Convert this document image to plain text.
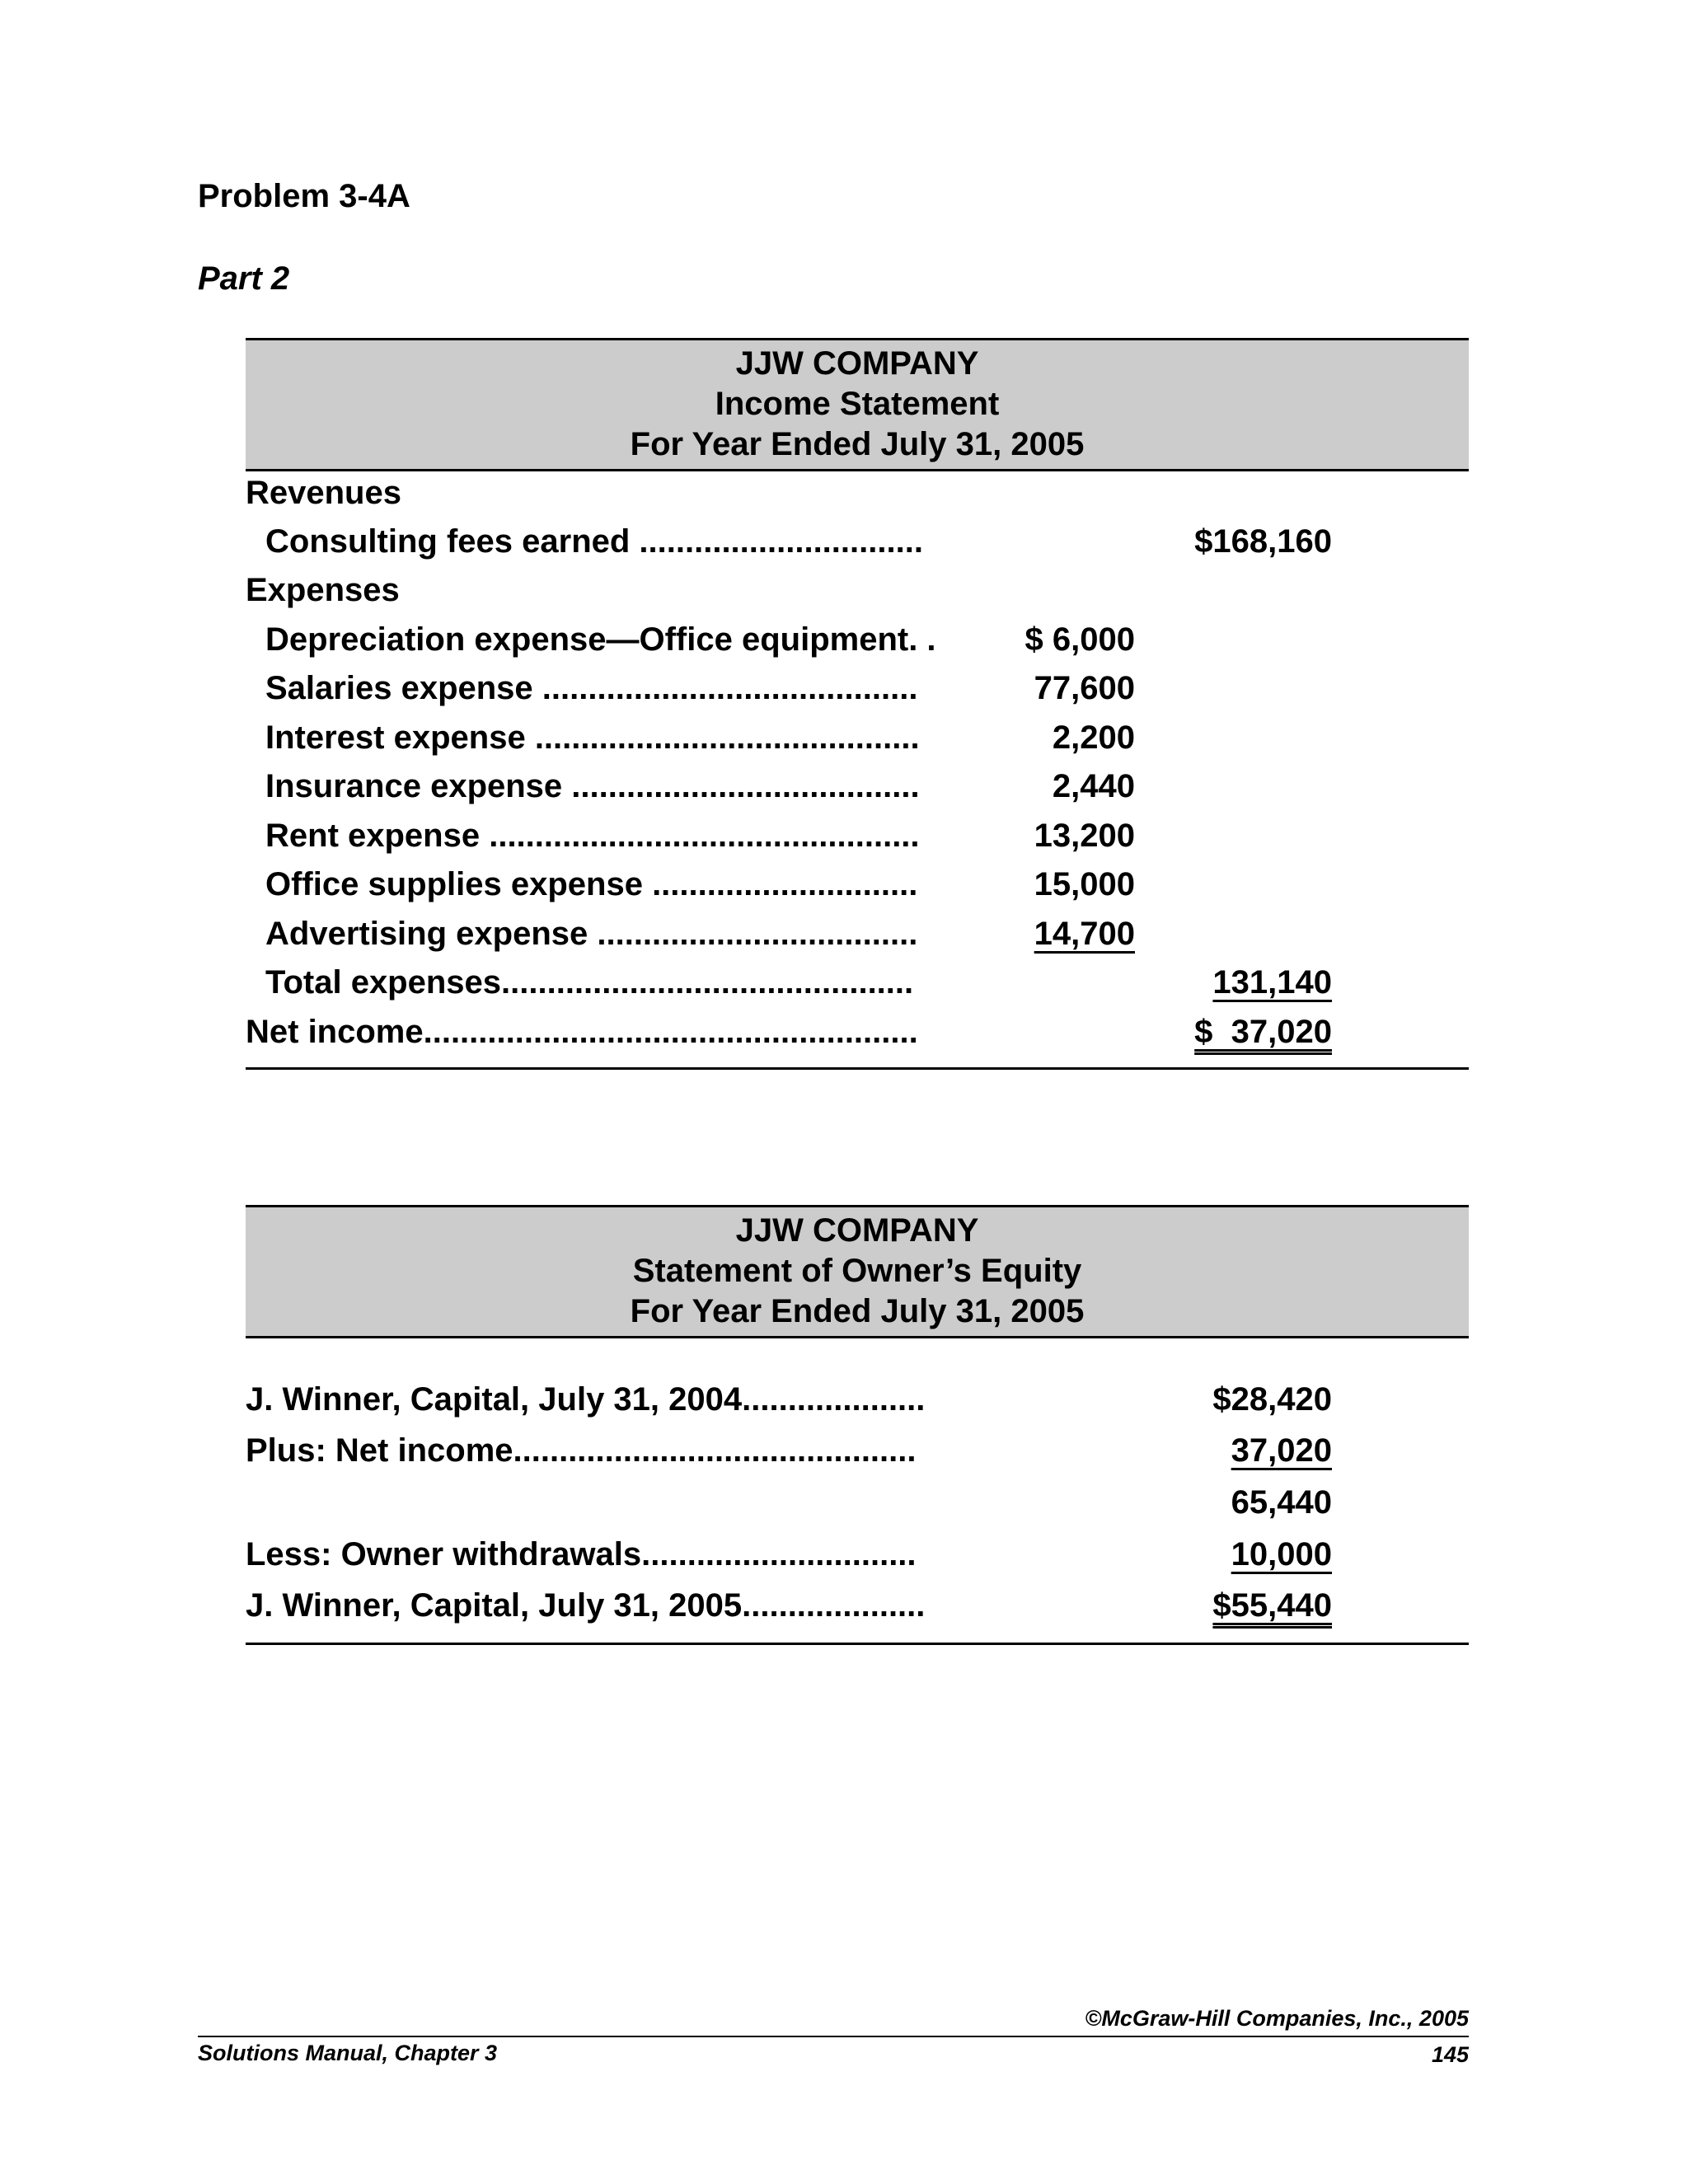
Problem 3-4A
Part 2
JJW COMPANY
Income Statement
For Year Ended July 31, 2005
Revenues
Consulting fees earned ...............................	$168,160
Expenses
Depreciation expense—Office equipment. .	$ 6,000
Salaries expense .........................................	77,600
Interest expense ..........................................	2,200
Insurance expense ......................................	2,440
Rent expense ...............................................	13,200
Office supplies expense .............................	15,000
Advertising expense ...................................	14,700
Total expenses.............................................	131,140
Net income......................................................	$  37,020
JJW COMPANY
Statement of Owner’s Equity
For Year Ended July 31, 2005
J. Winner, Capital, July 31, 2004....................	$28,420
Plus: Net income............................................	37,020
65,440
Less: Owner withdrawals..............................	10,000
J. Winner, Capital, July 31, 2005....................	$55,440
©McGraw-Hill Companies, Inc., 2005
Solutions Manual, Chapter 3	145
